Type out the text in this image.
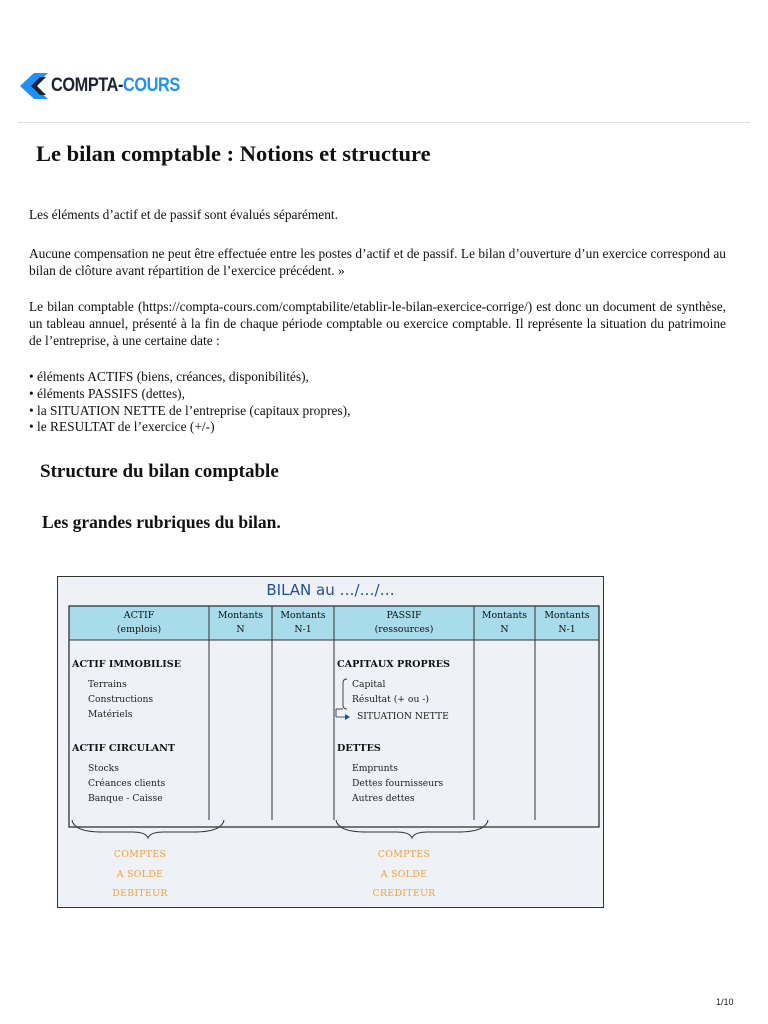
COMPTA-COURS
Le bilan comptable : Notions et structure

Les éléments d’actif et de passif sont évalués séparément.

Aucune compensation ne peut être effectuée entre les postes d’actif et de passif. Le bilan d’ouverture d’un exercice correspond au bilan de clôture avant répartition de l’exercice précédent. »

Le bilan comptable (https://compta-cours.com/comptabilite/etablir-le-bilan-exercice-corrige/) est donc un document de synthèse, un tableau annuel, présenté à la fin de chaque période comptable ou exercice comptable. Il représente la situation du patrimoine de l’entreprise, à une certaine date :

• éléments ACTIFS (biens, créances, disponibilités),
• éléments PASSIFS (dettes),
• la SITUATION NETTE de l’entreprise (capitaux propres),
• le RESULTAT de l’exercice (+/-)
Structure du bilan comptable
Les grandes rubriques du bilan.
BILAN au …/…/…
ACTIF
(emplois)
Montants
N
Montants
N-1
PASSIF
(ressources)
Montants
N
Montants
N-1
ACTIF IMMOBILISE
Terrains
Constructions
Matériels
ACTIF CIRCULANT
Stocks
Créances clients
Banque - Caisse
CAPITAUX PROPRES
Capital
Résultat (+ ou -)
SITUATION NETTE
DETTES
Emprunts
Dettes fournisseurs
Autres dettes
COMPTES
A SOLDE
DEBITEUR
COMPTES
A SOLDE
CREDITEUR
1/10
